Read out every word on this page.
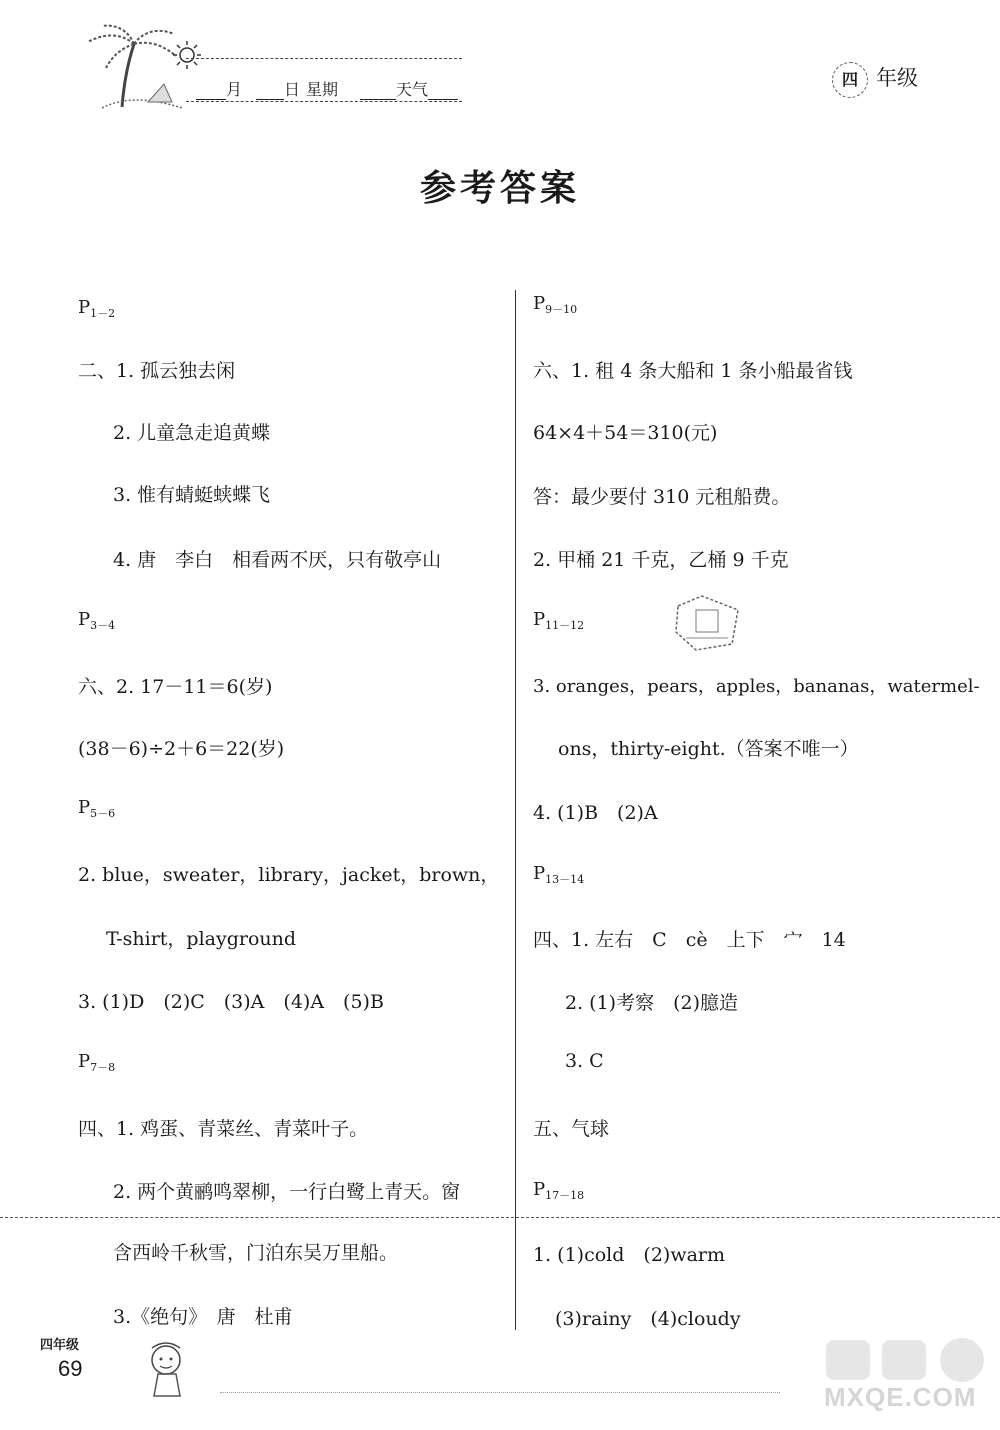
月	日 星期	天气
四 年级
参考答案
$P_{1-2}$
二、1. 孤云独去闲
2. 儿童急走追黄蝶
3. 惟有蜻蜓蛱蝶飞
4. 唐　李白　相看两不厌，只有敬亭山
$P_{3-4}$
六、2. 17－11＝6(岁)
(38－6)÷2＋6＝22(岁)
$P_{5-6}$
2. blue，sweater，library，jacket，brown，
T-shirt，playground
3. (1)D　(2)C　(3)A　(4)A　(5)B
$P_{7-8}$
四、1. 鸡蛋、青菜丝、青菜叶子。
2. 两个黄鹂鸣翠柳，一行白鹭上青天。窗
含西岭千秋雪，门泊东吴万里船。
3.《绝句》　唐　杜甫
$P_{9-10}$
六、1. 租 4 条大船和 1 条小船最省钱
64×4＋54＝310(元)
答：最少要付 310 元租船费。
2. 甲桶 21 千克，乙桶 9 千克
$P_{11-12}$
3. oranges，pears，apples，bananas，watermel-
ons，thirty-eight.（答案不唯一）
4. (1)B　(2)A
$P_{13-14}$
四、1. 左右　C　cè　上下　宀　14
2. (1)考察　(2)臆造
3. C
五、气球
$P_{17-18}$
1. (1)cold　(2)warm
(3)rainy　(4)cloudy
四年级
69
MXQE.COM
